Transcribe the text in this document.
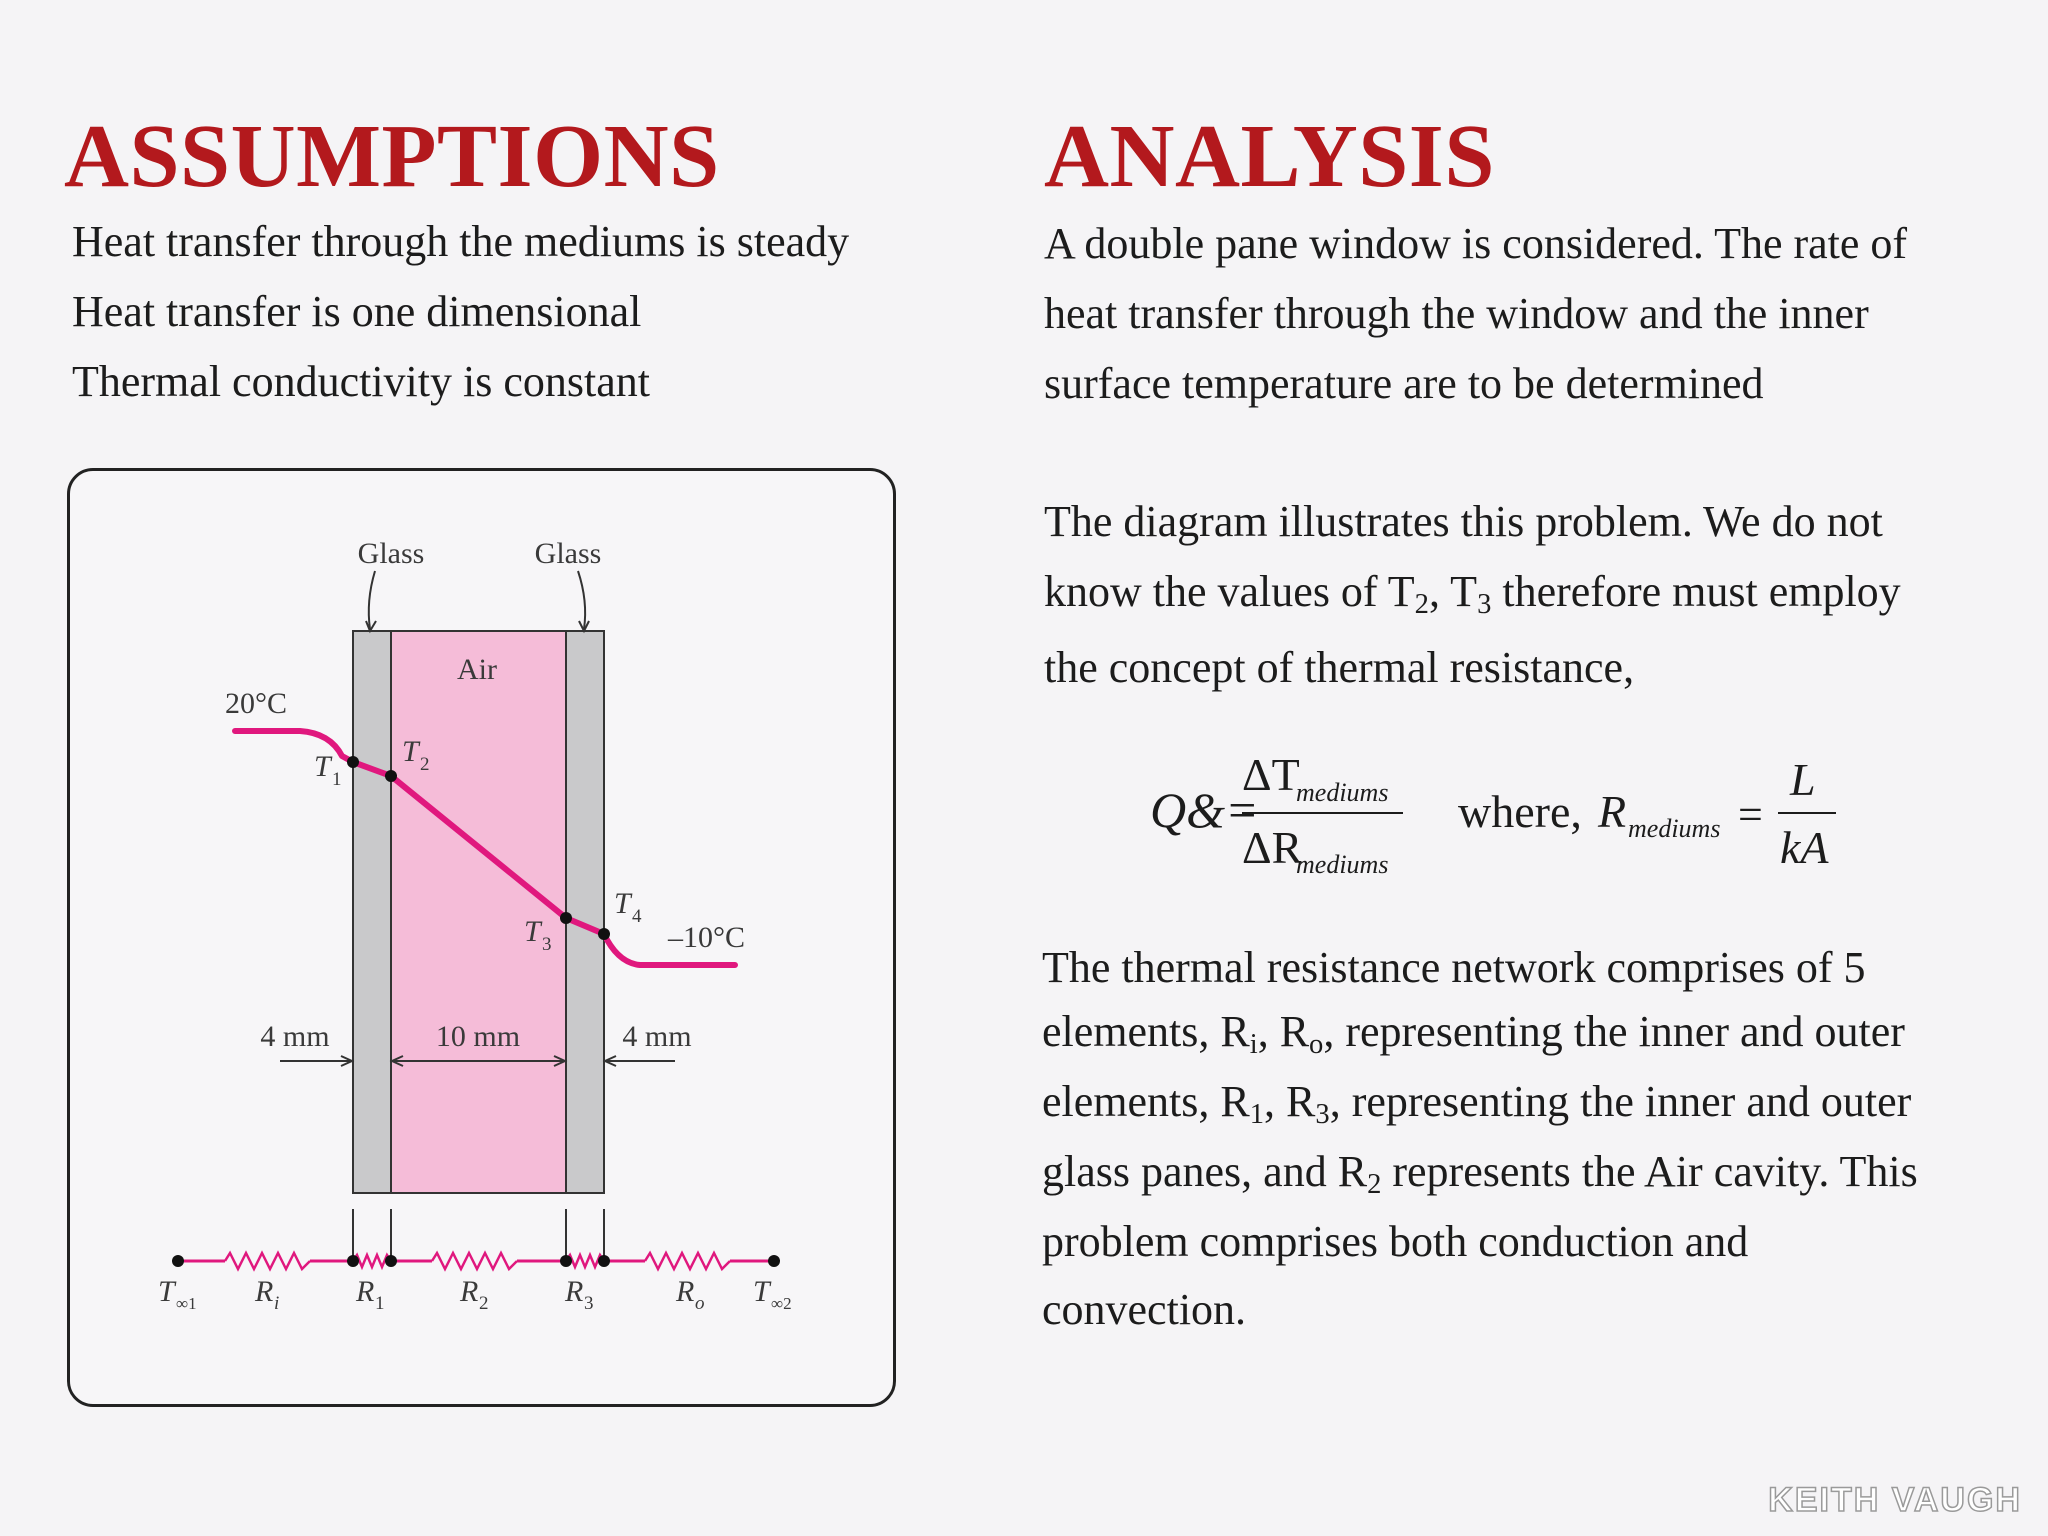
ASSUMPTIONS	ANALYSIS
Heat transfer through the mediums is steady
Heat transfer is one dimensional
Thermal conductivity is constant
A double pane window is considered. The rate of
heat transfer through the window and the inner
surface temperature are to be determined
The diagram illustrates this problem. We do not
know the values of $T_2$, $T_3$ therefore must employ
the concept of thermal resistance,
Q&=
ΔT
mediums
ΔR
mediums
where, R mediums =
L
kA
The thermal resistance network comprises of 5
elements, $R_i$, $R_o$, representing the inner and outer
elements, $R_1$, $R_3$, representing the inner and outer
glass panes, and $R_2$ represents the Air cavity. This
problem comprises both conduction and
convection.
Glass	Glass
Air
20°C
–10°C
T 1
T 2
T 3
T 4
4 mm	10 mm	4 mm
T ∞1 R i	R 1	R 2	R 3	R o T ∞2
KEITH VAUGH
